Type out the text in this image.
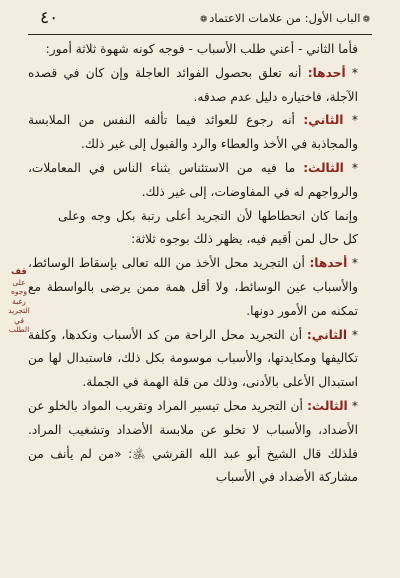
❁الباب الأول: من علامات الاعتماد❁
٤٠
قف
على وجوه رغبة التجريد في الطلب

فأما الثاني - أعني طلب الأسباب - فوجه كونه شهوة ثلاثة أمور:

* أحدها: أنه تعلق بحصول الفوائد العاجلة وإن كان في قصده الآجلة، فاختياره دليل عدم صدقه.

* الثاني: أنه رجوع للعوائد فيما تألفه النفس من الملابسة والمجاذبة في الأخذ والعطاء والرد والقبول إلى غير ذلك.

* الثالث: ما فيه من الاستئناس بثناء الناس في المعاملات، والرواجهم له في المفاوضات، إلى غير ذلك.

وإنما كان انحطاطها لأن التجريد أعلى رتبة بكل وجه وعلى كل حال لمن أقيم فيه، يظهر ذلك بوجوه ثلاثة:

* أحدها: أن التجريد محل الأخذ من الله تعالى بإسقاط الوسائط، والأسباب عين الوسائط، ولا أقل همة ممن يرضى بالواسطة مع تمكنه من الأمور دونها.

* الثاني: أن التجريد محل الراحة من كد الأسباب ونكدها، وكلفة تكاليفها ومكايدتها، والأسباب موسومة بكل ذلك، فاستبدال لها من استبدال الأعلى بالأدنى، وذلك من قلة الهمة في الجملة.

* الثالث: أن التجريد محل تيسير المراد وتقريب المواد بالخلو عن الأضداد، والأسباب لا تخلو عن ملابسة الأضداد وتشغيب المراد. فلذلك قال الشيخ أبو عبد الله القرشي ﵁: «من لم يأنف من مشاركة الأضداد في الأسباب
